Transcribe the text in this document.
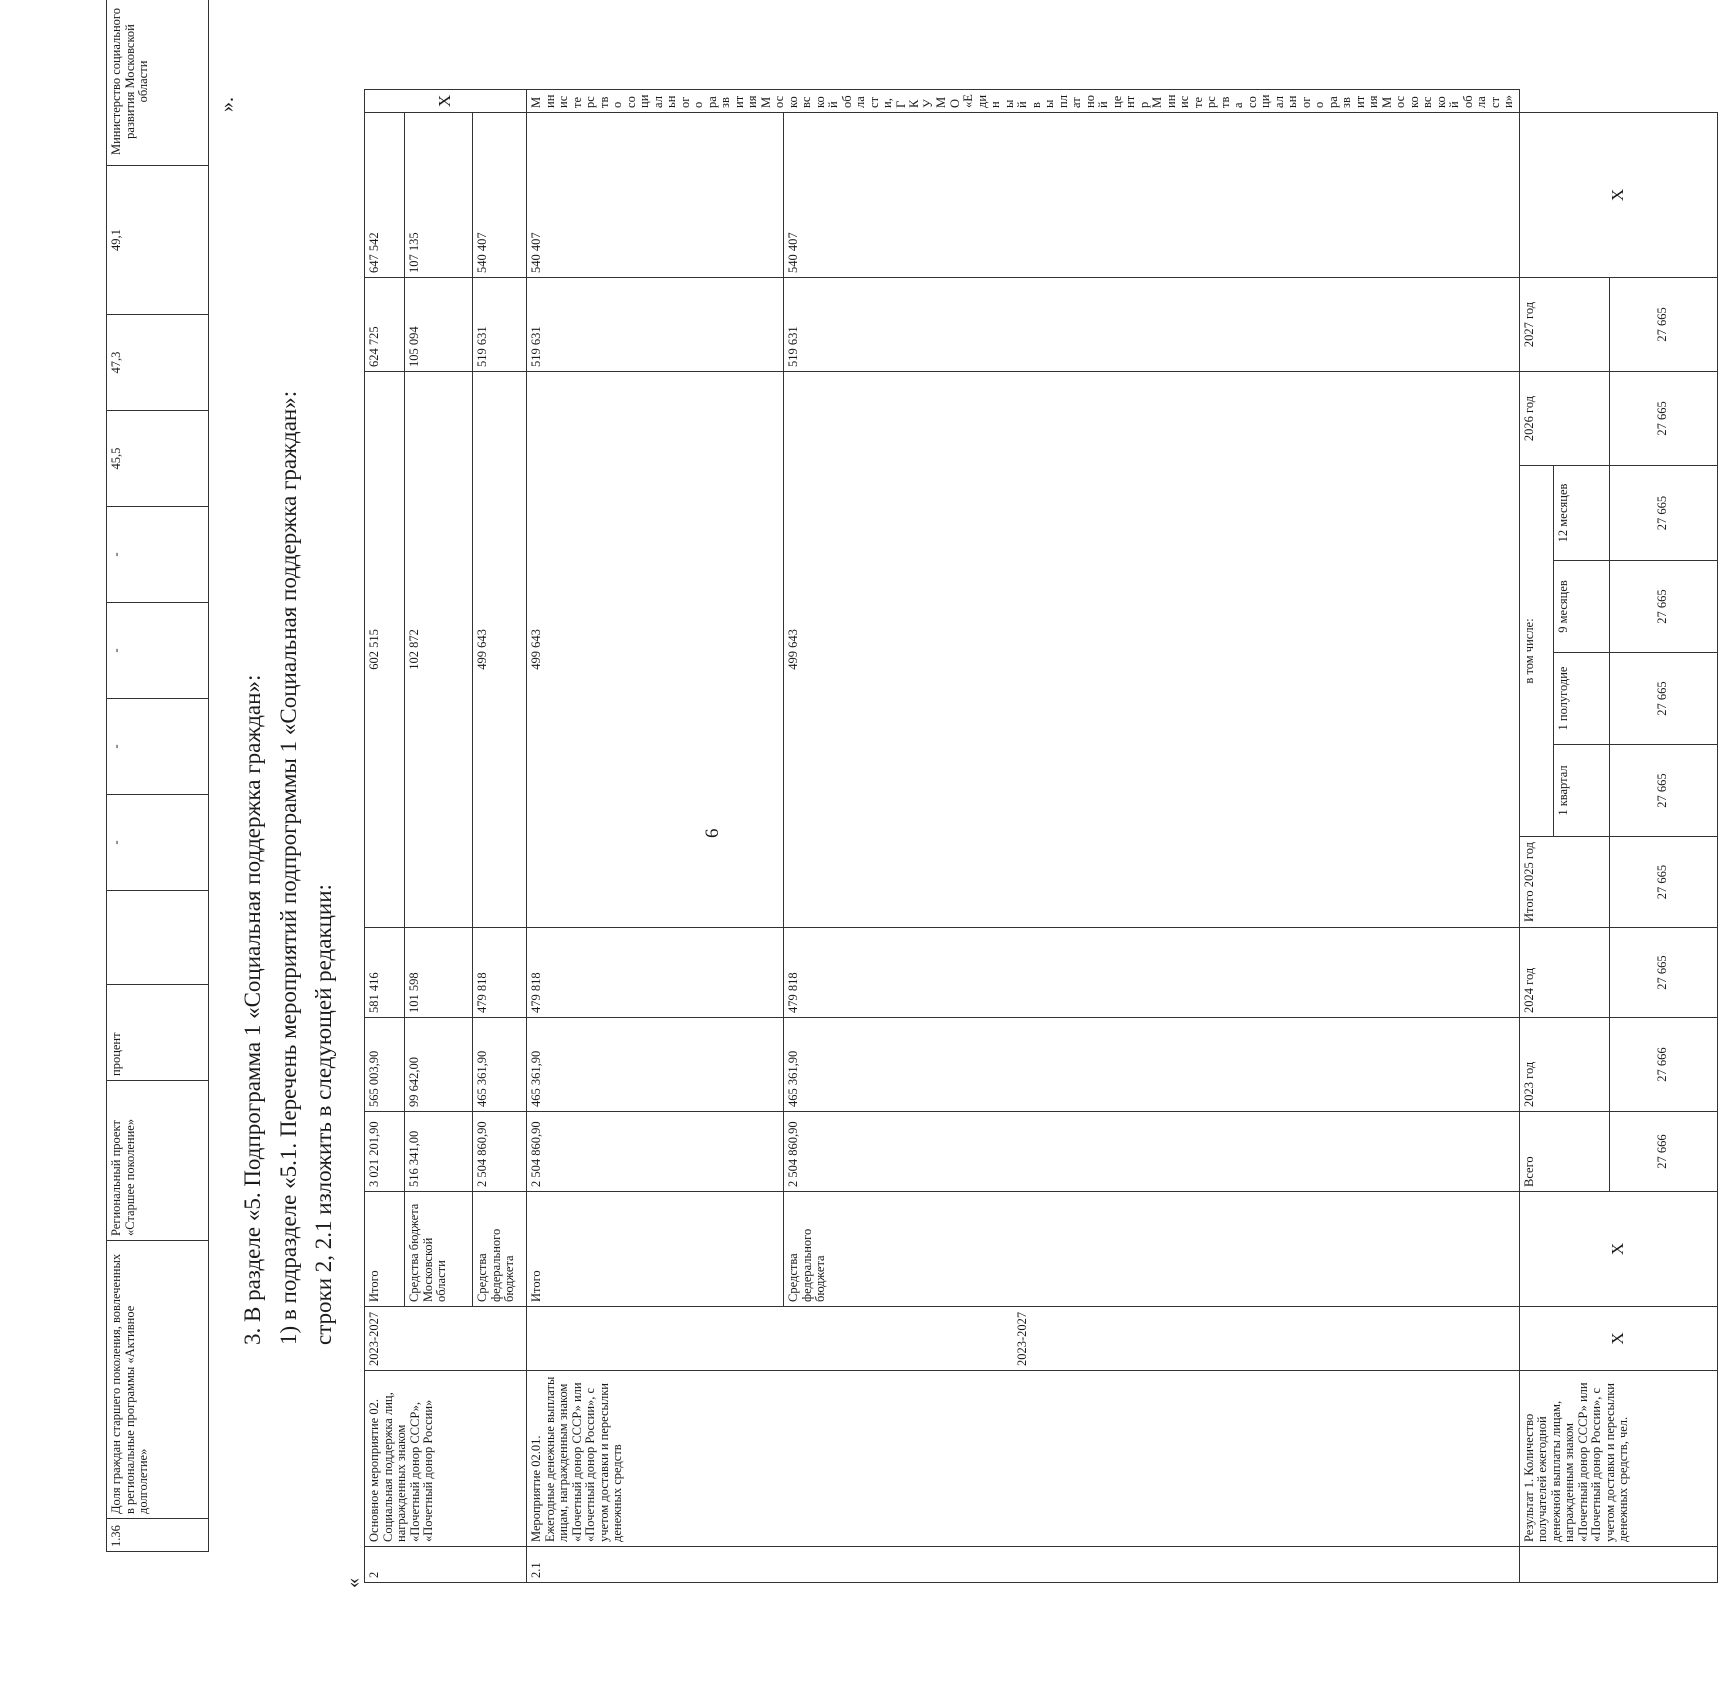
6
1.36	Доля граждан старшего поколения, вовлеченных в региональные программы «Активное долголетие»	Региональный проект «Старшее поколение»	процент		-	-	-	-	45,5	47,3	49,1	Министерство социального развития Московской области	
».
3. В разделе «5. Подпрограмма 1 «Социальная поддержка граждан»: 1) в подразделе «5.1. Перечень мероприятий подпрограммы 1 «Социальная поддержка граждан»: строки 2, 2.1 изложить в следующей редакции:
«
2	Основное мероприятие 02. Социальная поддержка лиц, награжденных знаком «Почетный донор СССР», «Почетный донор России»	2023-2027	Итого	3 021 201,90	565 003,90	581 416	602 515						624 725	647 542	X
			Средства бюджета Московской области	516 341,00	99 642,00	101 598	102 872						105 094	107 135	
			Средства федерального бюджета	2 504 860,90	465 361,90	479 818	499 643						519 631	540 407	
2.1	Мероприятие 02.01. Ежегодные денежные выплаты лицам, награжденным знаком «Почетный донор СССР» или «Почетный донор России», с учетом доставки и пересылки денежных средств	2023-2027	Итого	2 504 860,90	465 361,90	479 818	499 643						519 631	540 407	Министерство социального развития Московской области, ГКУ МО «Единый выплатной центр Министерства социального развития Московской области»
			Средства федерального бюджета	2 504 860,90	465 361,90	479 818	499 643						519 631	540 407	
	Результат 1. Количество получателей ежегодной денежной выплаты лицам, награжденным знаком «Почетный донор СССР» или «Почетный донор России», с учетом доставки и пересылки денежных средств, чел.	X	X	Всего	2023 год	2024 год	Итого 2025 год	в том числе:				2026 год	2027 год	X	
								1 квартал	1 полугодие	9 месяцев	12 месяцев				
				27 666	27 666	27 665	27 665	27 665	27 665	27 665	27 665	27 665	27 665		
